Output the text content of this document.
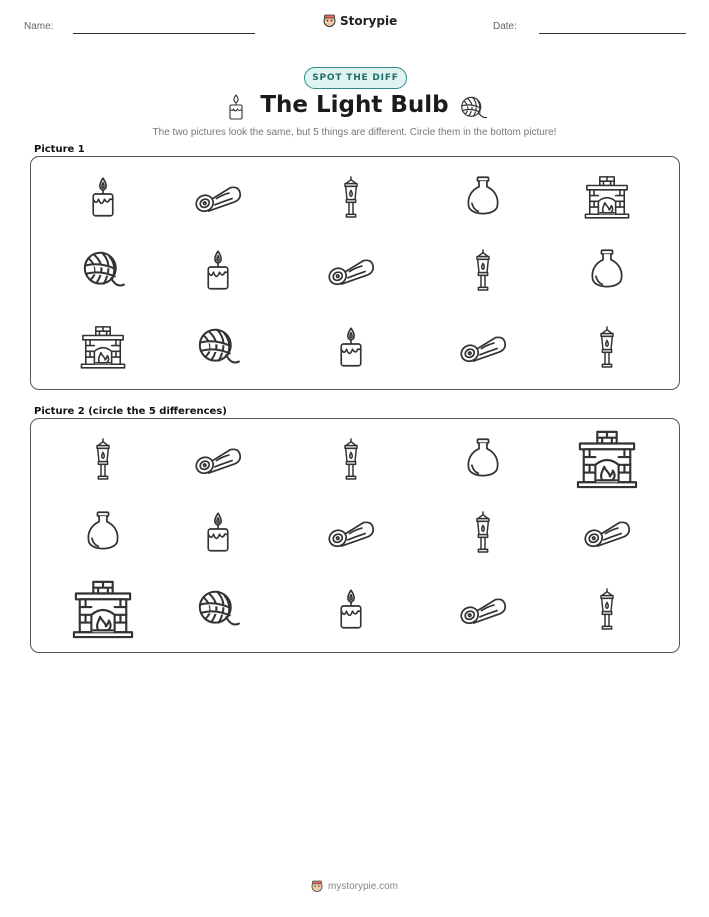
Name:	Storypie	Date:
SPOT THE DIFF
The Light Bulb
The two pictures look the same, but 5 things are different. Circle them in the bottom picture!
Picture 1
Picture 2 (circle the 5 differences)
mystorypie.com
